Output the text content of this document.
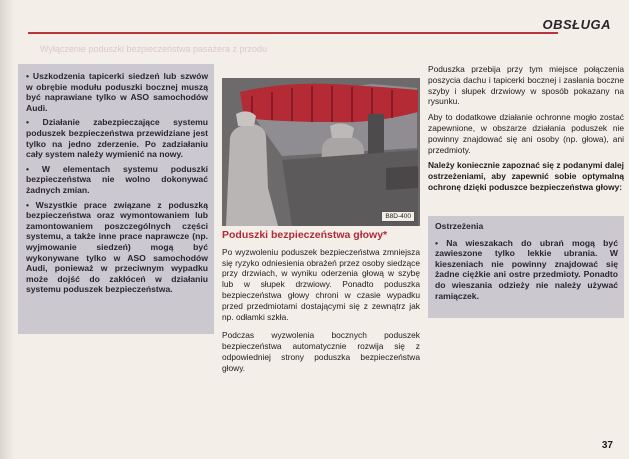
OBSŁUGA
Wyłączenie poduszki bezpieczeństwa pasażera z przodu

• Uszkodzenia tapicerki siedzeń lub szwów w obrębie modułu poduszki bocznej muszą być naprawiane tylko w ASO samochodów Audi.

• Działanie zabezpieczające systemu poduszek bezpieczeństwa przewidziane jest tylko na jedno zderzenie. Po zadziałaniu cały system należy wymienić na nowy.

• W elementach systemu poduszki bezpieczeństwa nie wolno dokonywać żadnych zmian.

• Wszystkie prace związane z poduszką bezpieczeństwa oraz wymontowaniem lub zamontowaniem poszczególnych części systemu, a także inne prace naprawcze (np. wyjmowanie siedzeń) mogą być wykonywane tylko w ASO samochodów Audi, ponieważ w przeciwnym wypadku może dojść do zakłóceń w działaniu systemu poduszek bezpieczeństwa.

B8D-400
Poduszki bezpieczeństwa głowy*

Po wyzwoleniu poduszek bezpieczeństwa zmniejsza się ryzyko odniesienia obrażeń przez osoby siedzące przy drzwiach, w wyniku oderzenia głową w szybę lub w słupek drzwiowy. Ponadto poduszka bezpieczeństwa głowy chroni w czasie wypadku przed przedmiotami dostającymi się z zewnątrz jak np. odłamki szkła.

Podczas wyzwolenia bocznych poduszek bezpieczeństwa automatycznie rozwija się z odpowiedniej strony poduszka bezpieczeństwa głowy.

Poduszka przebija przy tym miejsce połączenia poszycia dachu i tapicerki bocznej i zasłania boczne szyby i słupek drzwiowy w sposób pokazany na rysunku.

Aby to dodatkowe działanie ochronne mogło zostać zapewnione, w obszarze działania poduszek nie powinny znajdować się ani osoby (np. głowa), ani przedmioty.

Należy koniecznie zapoznać się z podanymi dalej ostrzeżeniami, aby zapewnić sobie optymalną ochronę dzięki poduszce bezpieczeństwa głowy:

Ostrzeżenia

• Na wieszakach do ubrań mogą być zawieszone tylko lekkie ubrania. W kieszeniach nie powinny znajdować się żadne ciężkie ani ostre przedmioty. Ponadto do wieszania odzieży nie należy używać ramiączek.

37
